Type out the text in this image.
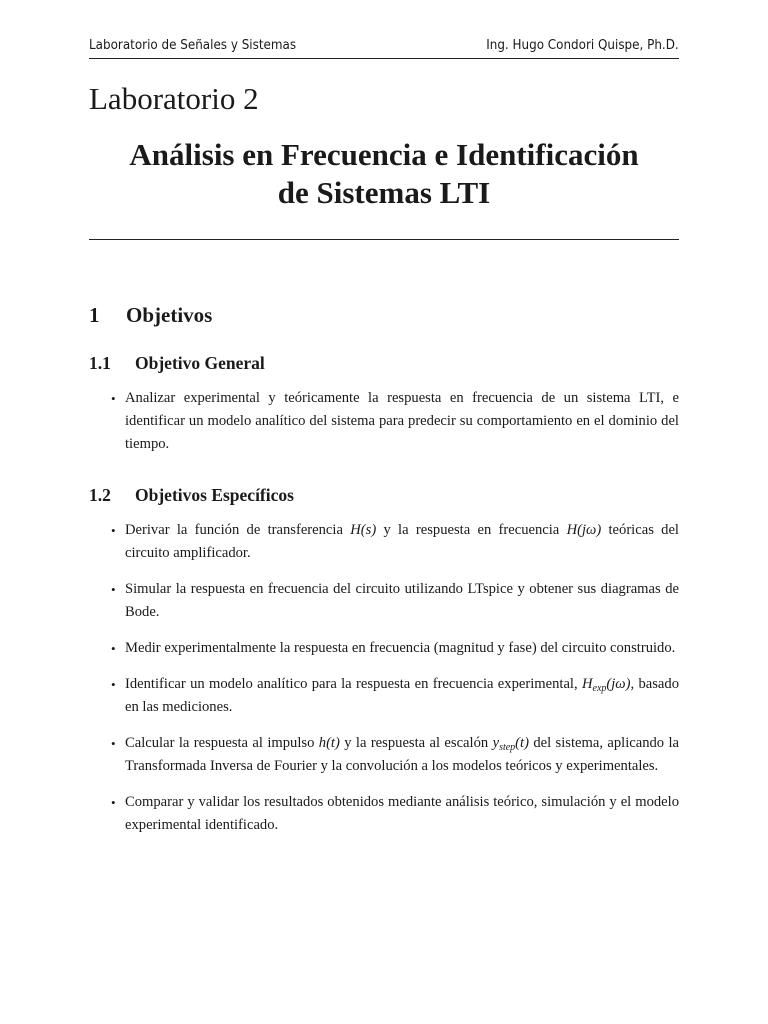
Laboratorio de Señales y Sistemas	Ing. Hugo Condori Quispe, Ph.D.
Laboratorio 2
Análisis en Frecuencia e Identificación
de Sistemas LTI
1 Objetivos
1.1 Objetivo General
• Analizar experimental y teóricamente la respuesta en frecuencia de un sistema LTI, e identificar un modelo analítico del sistema para predecir su comportamiento en el dominio del tiempo.
1.2 Objetivos Específicos
• Derivar la función de transferencia H(s) y la respuesta en frecuencia H(jω) teóricas del circuito amplificador.
• Simular la respuesta en frecuencia del circuito utilizando LTspice y obtener sus diagramas de Bode.
• Medir experimentalmente la respuesta en frecuencia (magnitud y fase) del circuito construido.
• Identificar un modelo analítico para la respuesta en frecuencia experimental, $H_{exp}(j\omega)$, basado en las mediciones.
• Calcular la respuesta al impulso h(t) y la respuesta al escalón $y_{step}(t)$ del sistema, aplicando la Transformada Inversa de Fourier y la convolución a los modelos teóricos y experimentales.
• Comparar y validar los resultados obtenidos mediante análisis teórico, simulación y el modelo experimental identificado.
